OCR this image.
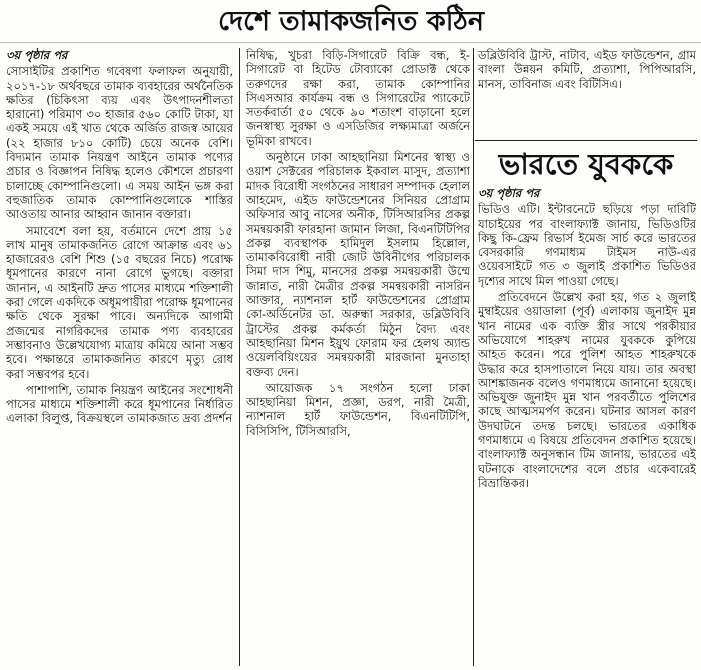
দেশে তামাকজনিত কঠিন

৩য় পৃষ্ঠার পর

সোসাইটির প্রকাশিত গবেষণা ফলাফল অনুযায়ী, ২০১৭-১৮ অর্থবছরে তামাক ব্যবহারের অর্থনৈতিক ক্ষতির (চিকিৎসা ব্যয় এবং উৎপাদনশীলতা হারানো) পরিমাণ ৩০ হাজার ৫৬০ কোটি টাকা, যা একই সময়ে এই খাত থেকে অর্জিত রাজস্ব আয়ের (২২ হাজার ৮১০ কোটি) চেয়ে অনেক বেশি। বিদ্যমান তামাক নিয়ন্ত্রণ আইনে তামাক পণ্যের প্রচার ও বিজ্ঞাপন নিষিদ্ধ হলেও কৌশলে প্রচারণা চালাচ্ছে কোম্পানিগুলো। এ সময় আইন ভঙ্গ করা বহুজাতিক তামাক কোম্পানিগুলোকে শাস্তির আওতায় আনার আহ্বান জানান বক্তারা।

সমাবেশে বলা হয়, বর্তমানে দেশে প্রায় ১৫ লাখ মানুষ তামাকজনিত রোগে আক্রান্ত এবং ৬১ হাজারেরও বেশি শিশু (১৫ বছরের নিচে) পরোক্ষ ধূমপানের কারণে নানা রোগে ভুগছে। বক্তারা জানান, এ আইনটি দ্রুত পাসের মাধ্যমে শক্তিশালী করা গেলে একদিকে অধূমপায়ীরা পরোক্ষ ধূমপানের ক্ষতি থেকে সুরক্ষা পাবে। অন্যদিকে আগামী প্রজন্মের নাগরিকদের তামাক পণ্য ব্যবহারের সম্ভাবনাও উল্লেখযোগ্য মাত্রায় কমিয়ে আনা সম্ভব হবে। পক্ষান্তরে তামাকজনিত কারণে মৃত্যু রোধ করা সম্ভবপর হবে।

পাশাপাশি, তামাক নিয়ন্ত্রণ আইনের সংশোধনী পাসের মাধ্যমে শক্তিশালী করে ধূমপানের নির্ধারিত এলাকা বিলুপ্ত, বিক্রয়স্থলে তামাকজাত দ্রব্য প্রদর্শন

নিষিদ্ধ, খুচরা বিড়ি-সিগারেট বিক্রি বন্ধ, ই-সিগারেট বা হিটেড টোব্যাকো প্রোডাক্ট থেকে তরুণদের রক্ষা করা, তামাক কোম্পানির সিএসআর কার্যক্রম বন্ধ ও সিগারেটের প্যাকেটে সতর্কবার্তা ৫০ থেকে ৯০ শতাংশ বাড়ানো হলে জনস্বাস্থ্য সুরক্ষা ও এসডিজির লক্ষ্যমাত্রা অর্জনে ভূমিকা রাখবে।

অনুষ্ঠানে ঢাকা আহছানিয়া মিশনের স্বাস্থ্য ও ওয়াশ সেক্টরের পরিচালক ইকবাল মাসুদ, প্রত্যাশা মাদক বিরোধী সংগঠনের সাধারণ সম্পাদক হেলাল আহমেদ, এইড ফাউন্ডেশনের সিনিয়র প্রোগ্রাম অফিসার আবু নাসের অনীক, টিসিআরসির প্রকল্প সমন্বয়কারী ফারহানা জামান লিজা, বিএনটিটিপির প্রকল্প ব্যবস্থাপক হামিদুল ইসলাম হিল্লোল, তামাকবিরোধী নারী জোট উবিনীগের পরিচালক সিমা দাস শিমু, মানসের প্রকল্প সমন্বয়কারী উম্মে জান্নাত, নারী মৈত্রীর প্রকল্প সমন্বয়কারী নাসরিন আক্তার, ন্যাশনাল হার্ট ফাউন্ডেশনের প্রোগ্রাম কো-অর্ডিনেটর ডা. অরুন্ধা সরকার, ডব্লিউবিবি ট্রাস্টের প্রকল্প কর্মকর্তা মিঠুন বৈদ্য এবং আহছানিয়া মিশন ইয়ুথ ফোরাম ফর হেলথ অ্যান্ড ওয়েলবিয়িংয়ের সমন্বয়কারী মারজানা মুনতাহা বক্তব্য দেন।

আয়োজক ১৭ সংগঠন হলো ঢাকা আহছানিয়া মিশন, প্রজ্ঞা, ডরপ, নারী মৈত্রী, ন্যাশনাল হার্ট ফাউন্ডেশন, বিএনটিটিপি, বিসিসিপি, টিসিআরসি,

ডব্লিউবিবি ট্রাস্ট, নাটাব, এইড ফাউন্ডেশন, গ্রাম বাংলা উন্নয়ন কমিটি, প্রত্যাশা, পিপিআরসি, মানস, তাবিনাজ এবং বিটিসিএ।

ভারতে যুবককে

৩য় পৃষ্ঠার পর

ভিডিও এটি। ইন্টারনেটে ছড়িয়ে পড়া দাবিটি যাচাইয়ের পর বাংলাফ্যাক্ট জানায়, ভিডিওটির কিছু কি-ফ্রেম রিভার্স ইমেজ সার্চ করে ভারতের বেসরকারি গণমাধ্যম টাইমস নাউ-এর ওয়েবসাইটে গত ৩ জুলাই প্রকাশিত ভিডিওর দৃশ্যের সাথে মিল পাওয়া গেছে।

প্রতিবেদনে উল্লেখ করা হয়, গত ২ জুলাই মুম্বাইয়ের ওয়াডালা (পূর্ব) এলাকায় জুনাইদ মুন্ন খান নামের এক ব্যক্তি স্ত্রীর সাথে পরকীয়ার অভিযোগে শাহরুখ নামের যুবককে কুপিয়ে আহত করেন। পরে পুলিশ আহত শাহরুখকে উদ্ধার করে হাসপাতালে নিয়ে যায়। তার অবস্থা আশঙ্কাজনক বলেও গণমাধ্যমে জানানো হয়েছে। অভিযুক্ত জুনাইদ মুন্ন খান পরবর্তীতে পুলিশের কাছে আত্মসমর্পণ করেন। ঘটনার আসল কারণ উদঘাটনে তদন্ত চলছে। ভারতের একাধিক গণমাধ্যমে এ বিষয়ে প্রতিবেদন প্রকাশিত হয়েছে। বাংলাফ্যাক্ট অনুসন্ধান টিম জানায়, ভারতের এই ঘটনাকে বাংলাদেশের বলে প্রচার একেবারেই বিভ্রান্তিকর।
